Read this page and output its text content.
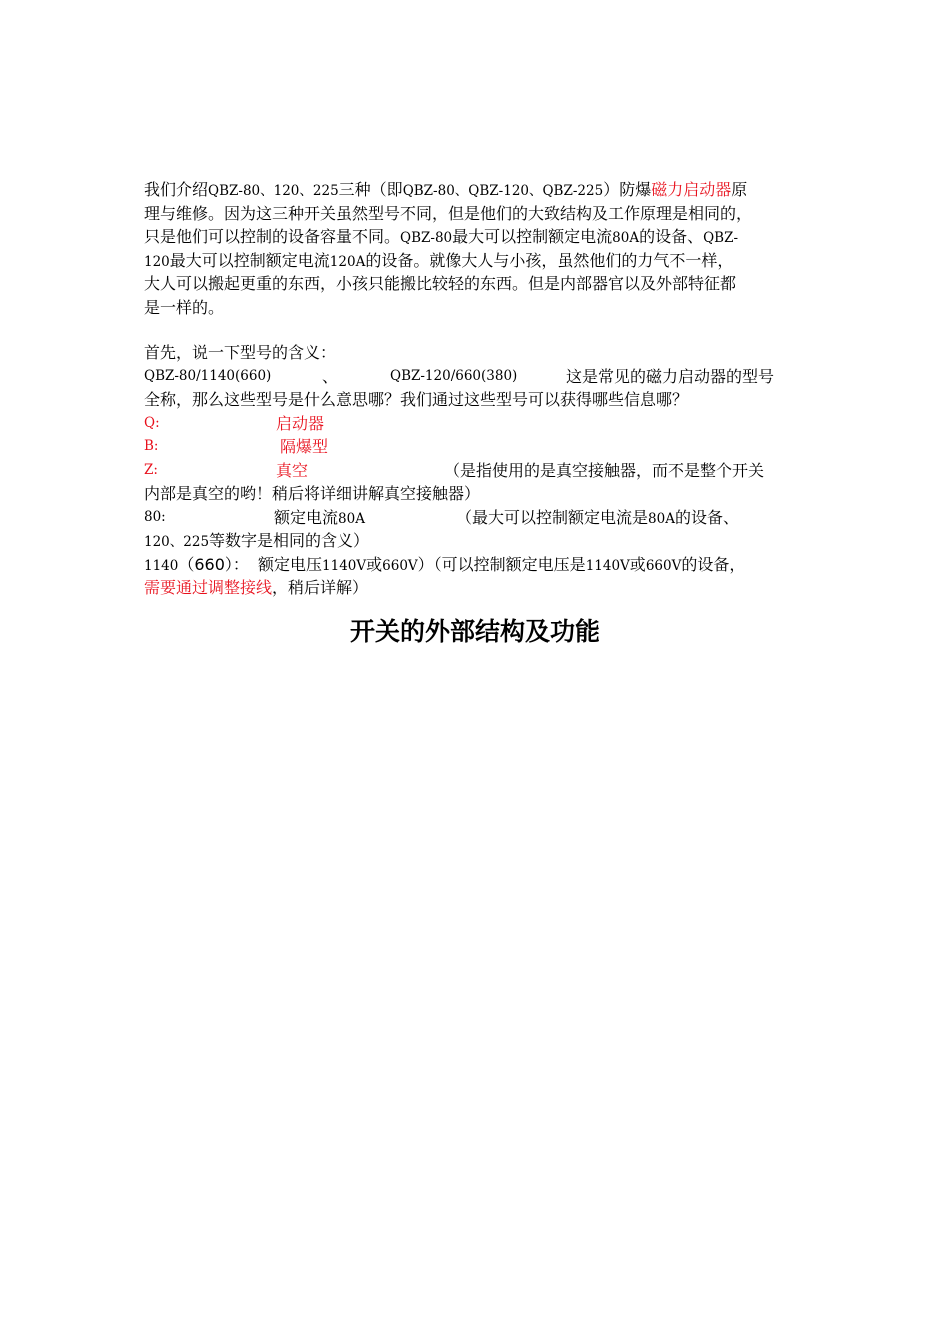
我们介绍QBZ-80、120、225三种（即QBZ-80、QBZ-120、QBZ-225）防爆磁力启动器原
理与维修。因为这三种开关虽然型号不同，但是他们的大致结构及工作原理是相同的，
只是他们可以控制的设备容量不同。QBZ-80最大可以控制额定电流80A的设备、QBZ-
120最大可以控制额定电流120A的设备。就像大人与小孩，虽然他们的力气不一样，
大人可以搬起更重的东西，小孩只能搬比较轻的东西。但是内部器官以及外部特征都
是一样的。
首先，说一下型号的含义：
QBZ-80/1140(660)	、	QBZ-120/660(380)	这是常见的磁力启动器的型号
全称，那么这些型号是什么意思哪？我们通过这些型号可以获得哪些信息哪？
Q:	启动器
B:	隔爆型
Z:	真空	（是指使用的是真空接触器，而不是整个开关
内部是真空的哟！稍后将详细讲解真空接触器）
80:	额定电流80A	（最大可以控制额定电流是80A的设备、
120、225等数字是相同的含义）
1140（660）： 额定电压1140V或660V）（可以控制额定电压是1140V或660V的设备，
需要通过调整接线，稍后详解）
开关的外部结构及功能
